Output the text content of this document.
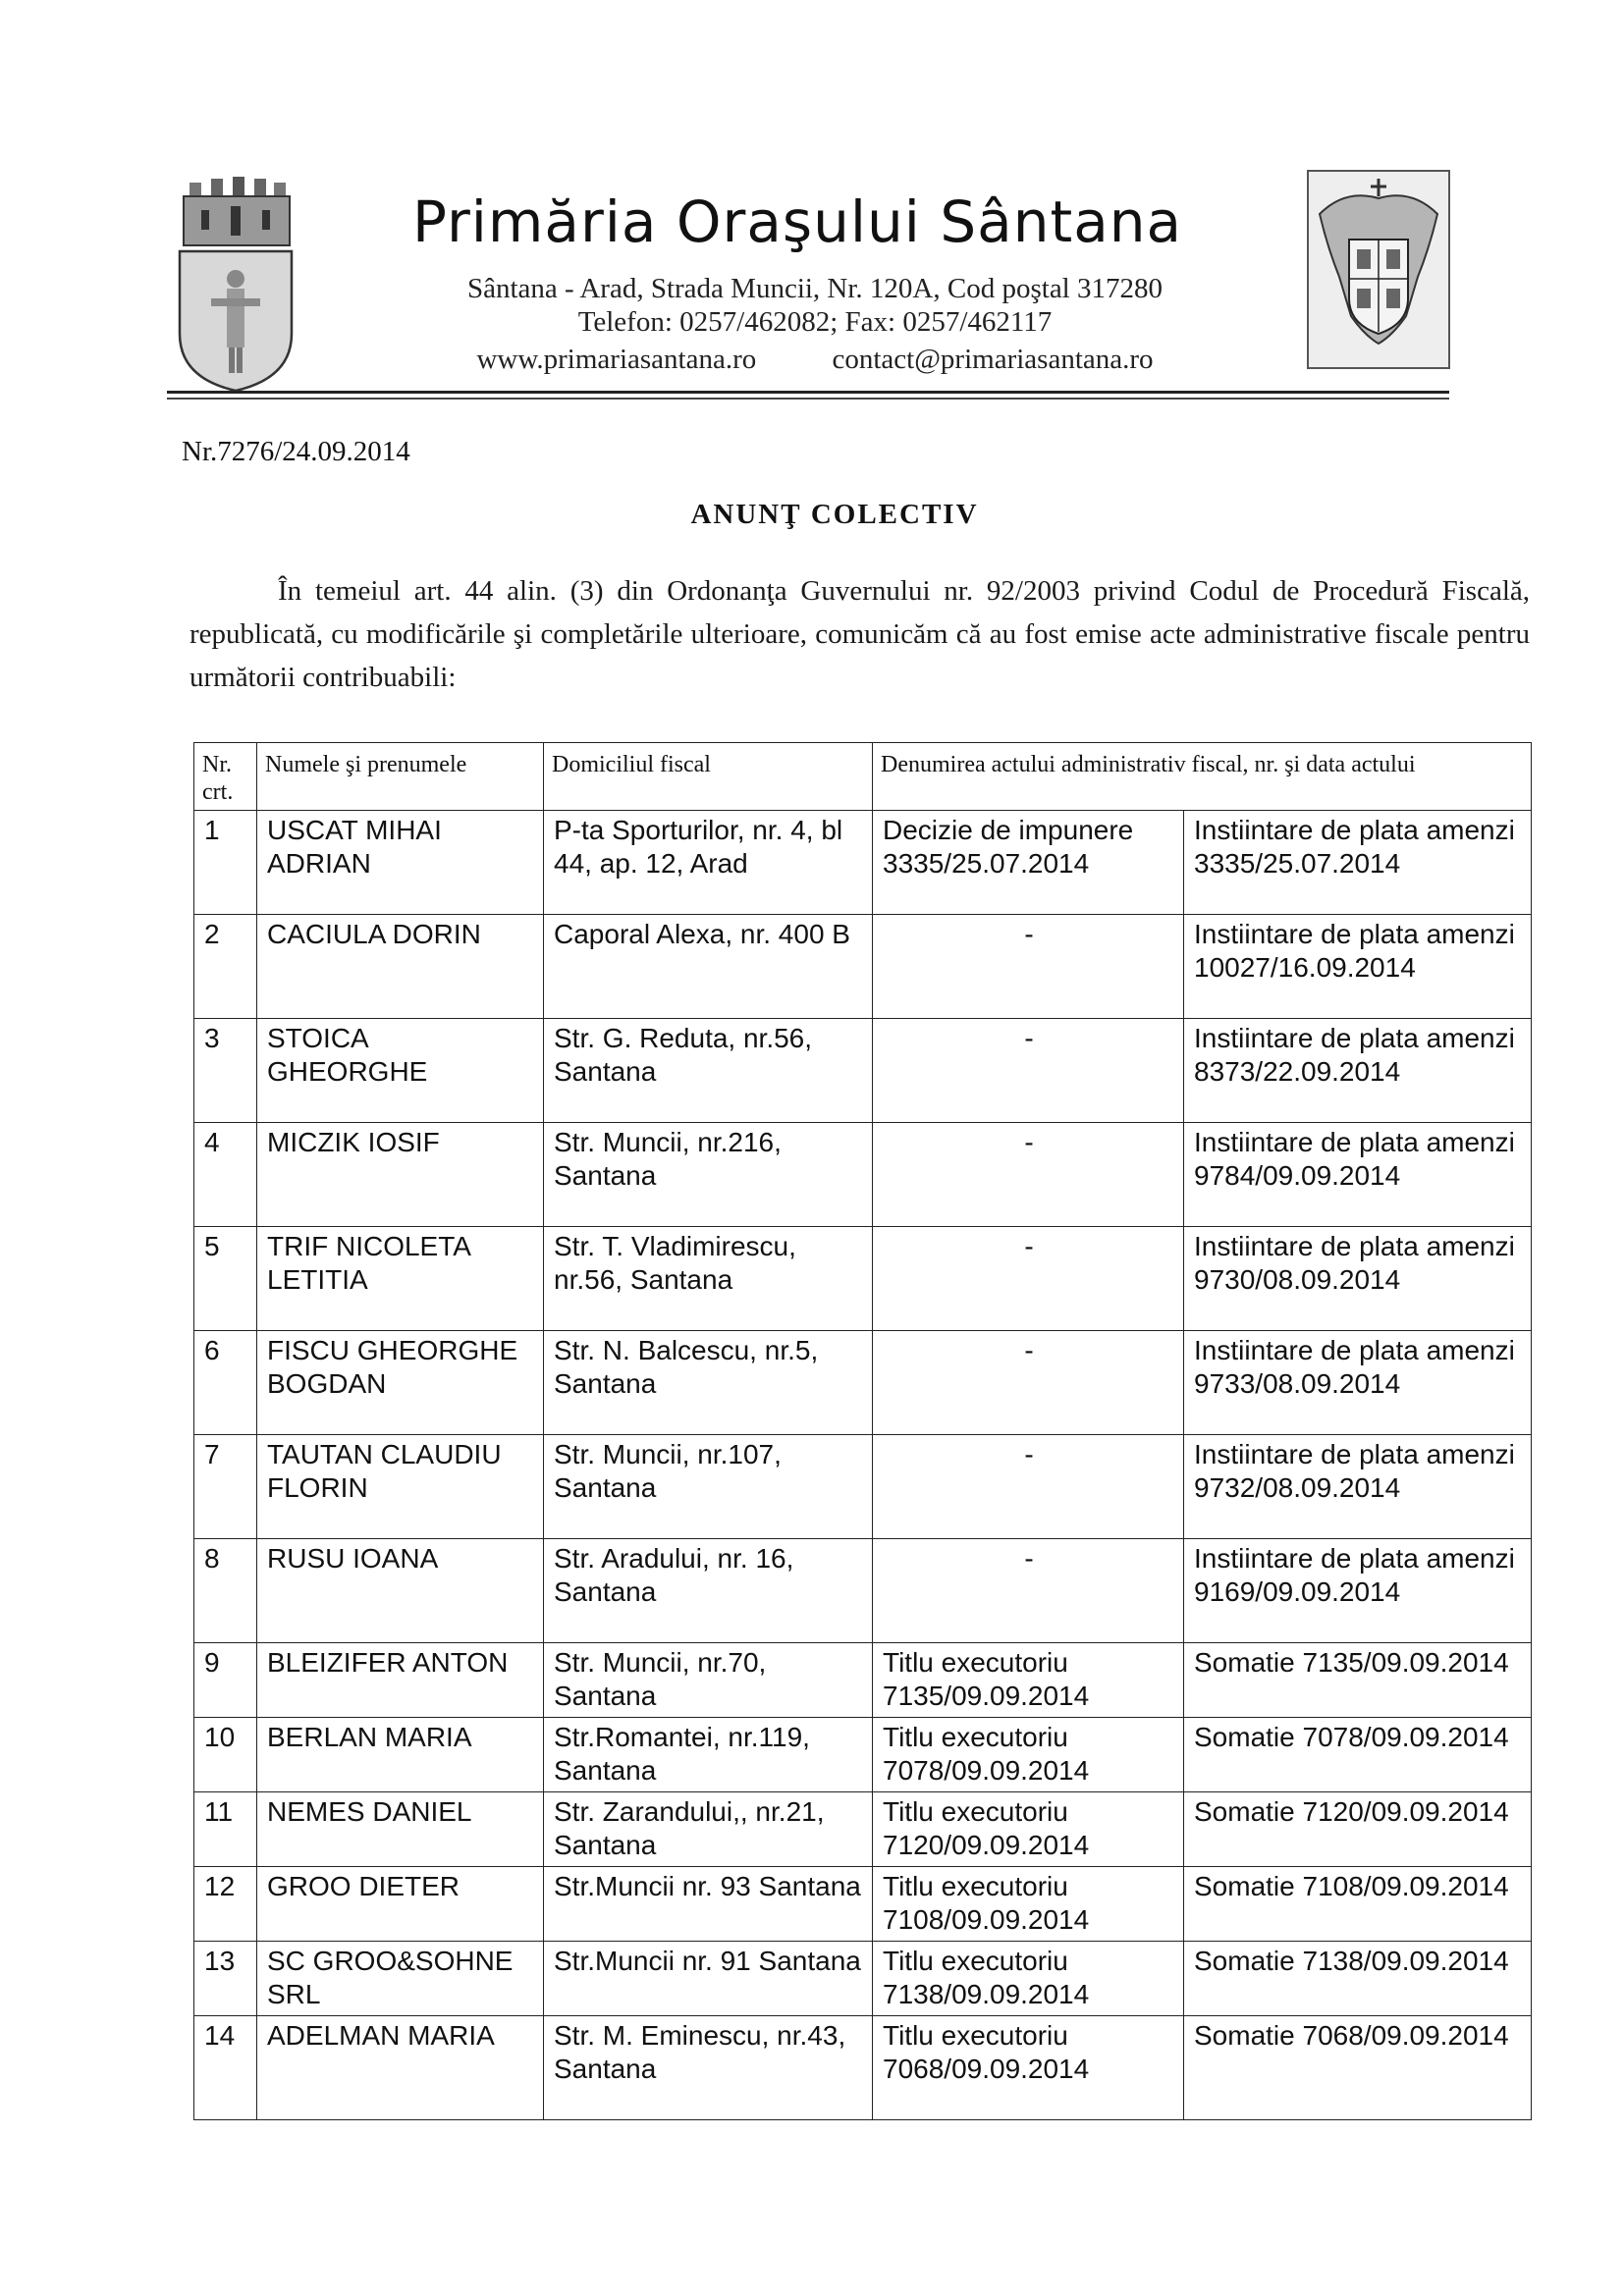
Primăria Oraşului Sântana
Sântana - Arad, Strada Muncii, Nr. 120A, Cod poştal 317280
Telefon: 0257/462082; Fax: 0257/462117
www.primariasantana.ro	contact@primariasantana.ro
Nr.7276/24.09.2014
ANUNŢ COLECTIV
În temeiul art. 44 alin. (3) din Ordonanţa Guvernului nr. 92/2003 privind Codul de Procedură Fiscală, republicată, cu modificările şi completările ulterioare, comunicăm că au fost emise acte administrative fiscale pentru următorii contribuabili:
Nr. crt.	Numele şi prenumele	Domiciliul fiscal	Denumirea actului administrativ fiscal, nr. şi data actului	
1	USCAT MIHAI ADRIAN	P-ta Sporturilor, nr. 4, bl 44, ap. 12, Arad	Decizie de impunere 3335/25.07.2014	Instiintare de plata amenzi 3335/25.07.2014
2	CACIULA DORIN	Caporal Alexa, nr. 400 B	-	Instiintare de plata amenzi 10027/16.09.2014
3	STOICA GHEORGHE	Str. G. Reduta, nr.56, Santana	-	Instiintare de plata amenzi 8373/22.09.2014
4	MICZIK IOSIF	Str. Muncii, nr.216, Santana	-	Instiintare de plata amenzi 9784/09.09.2014
5	TRIF NICOLETA LETITIA	Str. T. Vladimirescu, nr.56, Santana	-	Instiintare de plata amenzi 9730/08.09.2014
6	FISCU GHEORGHE BOGDAN	Str. N. Balcescu, nr.5, Santana	-	Instiintare de plata amenzi 9733/08.09.2014
7	TAUTAN CLAUDIU FLORIN	Str. Muncii, nr.107, Santana	-	Instiintare de plata amenzi 9732/08.09.2014
8	RUSU IOANA	Str. Aradului, nr. 16, Santana	-	Instiintare de plata amenzi 9169/09.09.2014
9	BLEIZIFER ANTON	Str. Muncii, nr.70, Santana	Titlu executoriu 7135/09.09.2014	Somatie 7135/09.09.2014
10	BERLAN MARIA	Str.Romantei, nr.119, Santana	Titlu executoriu 7078/09.09.2014	Somatie 7078/09.09.2014
11	NEMES DANIEL	Str. Zarandului,, nr.21, Santana	Titlu executoriu 7120/09.09.2014	Somatie 7120/09.09.2014
12	GROO DIETER	Str.Muncii nr. 93 Santana	Titlu executoriu 7108/09.09.2014	Somatie 7108/09.09.2014
13	SC GROO&SOHNE SRL	Str.Muncii nr. 91 Santana	Titlu executoriu 7138/09.09.2014	Somatie 7138/09.09.2014
14	ADELMAN MARIA	Str. M. Eminescu, nr.43, Santana	Titlu executoriu 7068/09.09.2014	Somatie 7068/09.09.2014
